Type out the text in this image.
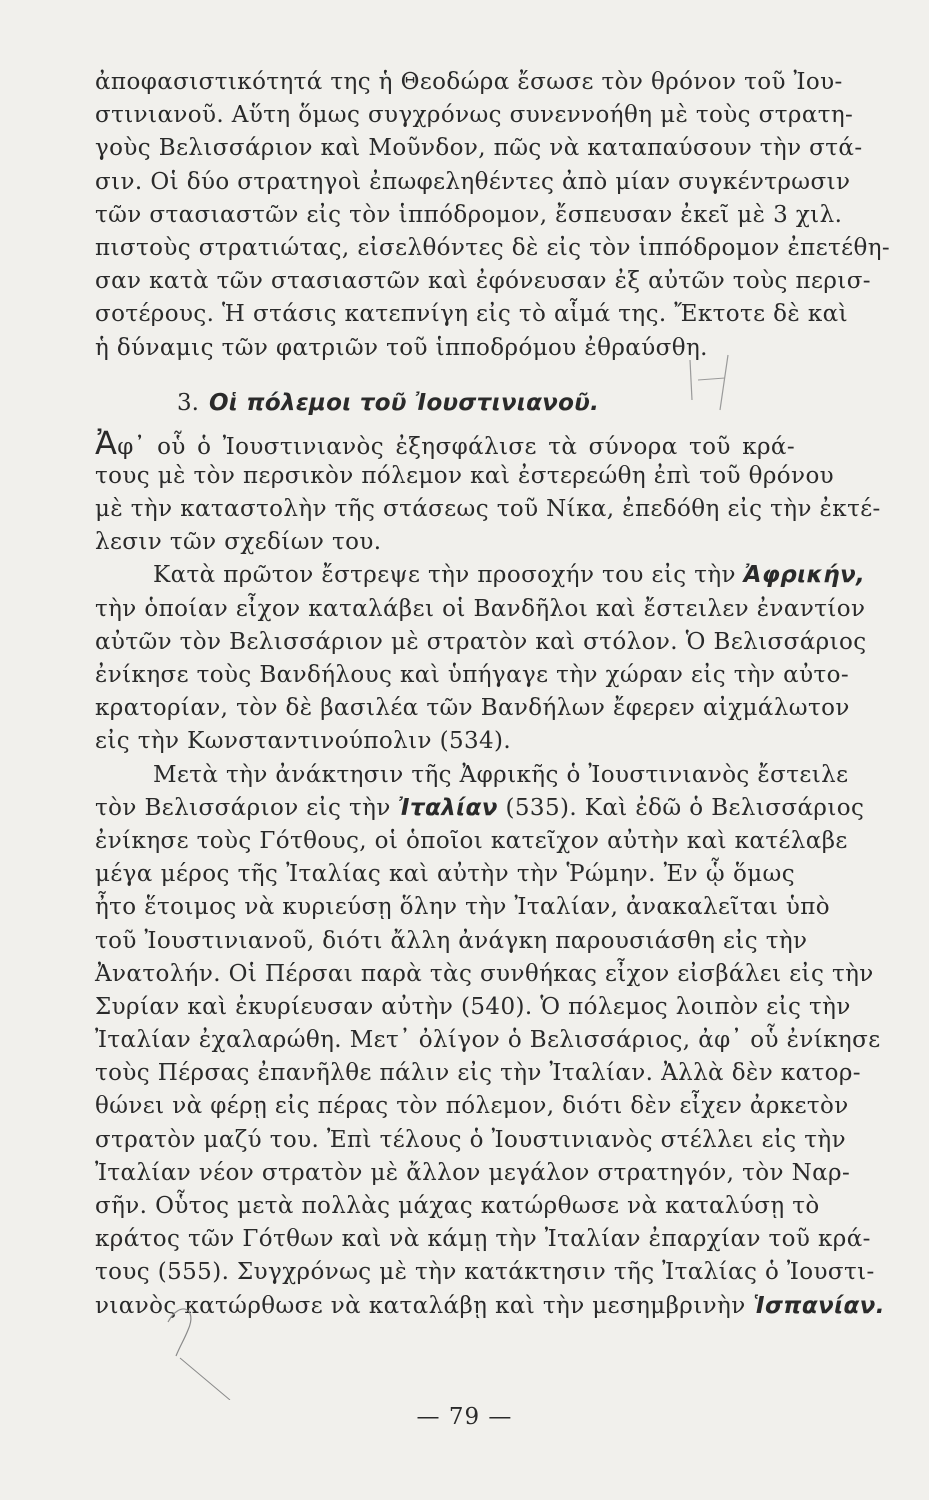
ἀποφασιστικότητά της ἡ Θεοδώρα ἔσωσε τὸν θρόνον τοῦ Ἰου-
στινιανοῦ. Αὕτη ὅμως συγχρόνως συνεννοήθη μὲ τοὺς στρατη-
γοὺς Βελισσάριον καὶ Μοῦνδον, πῶς νὰ καταπαύσουν τὴν στά-
σιν. Οἱ δύο στρατηγοὶ ἐπωφεληθέντες ἀπὸ μίαν συγκέντρωσιν
τῶν στασιαστῶν εἰς τὸν ἱππόδρομον, ἔσπευσαν ἐκεῖ μὲ 3 χιλ.
πιστοὺς στρατιώτας, εἰσελθόντες δὲ εἰς τὸν ἱππόδρομον ἐπετέθη-
σαν κατὰ τῶν στασιαστῶν καὶ ἐφόνευσαν ἐξ αὐτῶν τοὺς περισ-
σοτέρους. Ἡ στάσις κατεπνίγη εἰς τὸ αἷμά της. Ἔκτοτε δὲ καὶ
ἡ δύναμις τῶν φατριῶν τοῦ ἱπποδρόμου ἐθραύσθη.
3. Οἱ πόλεμοι τοῦ Ἰουστινιανοῦ.
Ἀφ᾽ οὗ ὁ Ἰουστινιανὸς ἐξησφάλισε τὰ σύνορα τοῦ κρά-
τους μὲ τὸν περσικὸν πόλεμον καὶ ἐστερεώθη ἐπὶ τοῦ θρόνου
μὲ τὴν καταστολὴν τῆς στάσεως τοῦ Νίκα, ἐπεδόθη εἰς τὴν ἐκτέ-
λεσιν τῶν σχεδίων του.
Κατὰ πρῶτον ἔστρεψε τὴν προσοχήν του εἰς τὴν Ἀφρικήν,
τὴν ὁποίαν εἶχον καταλάβει οἱ Βανδῆλοι καὶ ἔστειλεν ἐναντίον
αὐτῶν τὸν Βελισσάριον μὲ στρατὸν καὶ στόλον. Ὁ Βελισσάριος
ἐνίκησε τοὺς Βανδήλους καὶ ὑπήγαγε τὴν χώραν εἰς τὴν αὐτο-
κρατορίαν, τὸν δὲ βασιλέα τῶν Βανδήλων ἔφερεν αἰχμάλωτον
εἰς τὴν Κωνσταντινούπολιν (534).
Μετὰ τὴν ἀνάκτησιν τῆς Ἀφρικῆς ὁ Ἰουστινιανὸς ἔστειλε
τὸν Βελισσάριον εἰς τὴν Ἰταλίαν (535). Καὶ ἐδῶ ὁ Βελισσάριος
ἐνίκησε τοὺς Γότθους, οἱ ὁποῖοι κατεῖχον αὐτὴν καὶ κατέλαβε
μέγα μέρος τῆς Ἰταλίας καὶ αὐτὴν τὴν Ῥώμην. Ἐν ᾧ ὅμως
ἦτο ἕτοιμος νὰ κυριεύσῃ ὅλην τὴν Ἰταλίαν, ἀνακαλεῖται ὑπὸ
τοῦ Ἰουστινιανοῦ, διότι ἄλλη ἀνάγκη παρουσιάσθη εἰς τὴν
Ἀνατολήν. Οἱ Πέρσαι παρὰ τὰς συνθήκας εἶχον εἰσβάλει εἰς τὴν
Συρίαν καὶ ἐκυρίευσαν αὐτὴν (540). Ὁ πόλεμος λοιπὸν εἰς τὴν
Ἰταλίαν ἐχαλαρώθη. Μετ᾽ ὀλίγον ὁ Βελισσάριος, ἀφ᾽ οὗ ἐνίκησε
τοὺς Πέρσας ἐπανῆλθε πάλιν εἰς τὴν Ἰταλίαν. Ἀλλὰ δὲν κατορ-
θώνει νὰ φέρῃ εἰς πέρας τὸν πόλεμον, διότι δὲν εἶχεν ἀρκετὸν
στρατὸν μαζύ του. Ἐπὶ τέλους ὁ Ἰουστινιανὸς στέλλει εἰς τὴν
Ἰταλίαν νέον στρατὸν μὲ ἄλλον μεγάλον στρατηγόν, τὸν Ναρ-
σῆν. Οὗτος μετὰ πολλὰς μάχας κατώρθωσε νὰ καταλύσῃ τὸ
κράτος τῶν Γότθων καὶ νὰ κάμῃ τὴν Ἰταλίαν ἐπαρχίαν τοῦ κρά-
τους (555). Συγχρόνως μὲ τὴν κατάκτησιν τῆς Ἰταλίας ὁ Ἰουστι-
νιανὸς κατώρθωσε νὰ καταλάβῃ καὶ τὴν μεσημβρινὴν Ἱσπανίαν.
— 79 —
